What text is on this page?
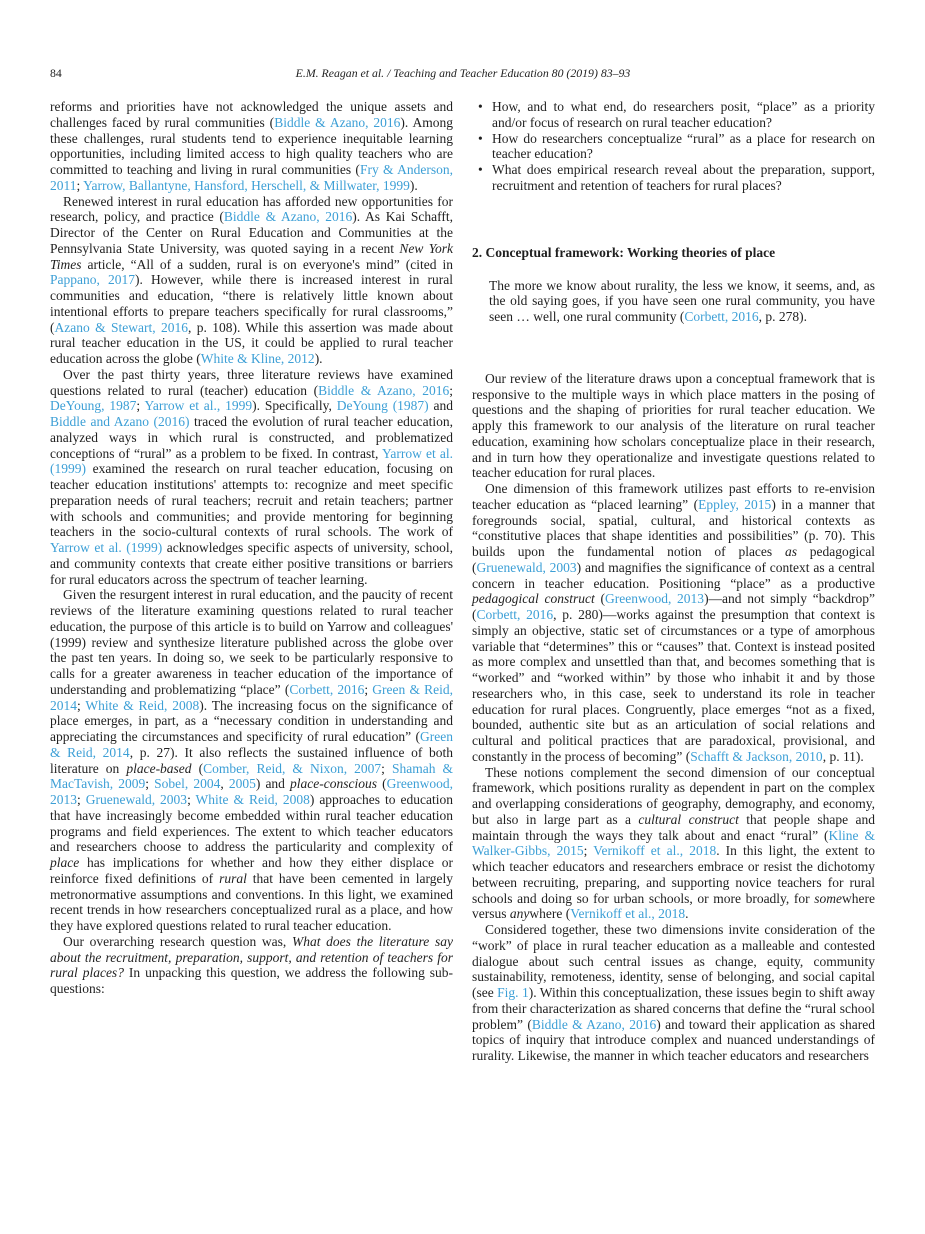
84	E.M. Reagan et al. / Teaching and Teacher Education 80 (2019) 83–93

reforms and priorities have not acknowledged the unique assets and challenges faced by rural communities (Biddle & Azano, 2016). Among these challenges, rural students tend to experience inequitable learning opportunities, including limited access to high quality teachers who are committed to teaching and living in rural communities (Fry & Anderson, 2011; Yarrow, Ballantyne, Hansford, Herschell, & Millwater, 1999).

Renewed interest in rural education has afforded new opportunities for research, policy, and practice (Biddle & Azano, 2016). As Kai Schafft, Director of the Center on Rural Education and Communities at the Pennsylvania State University, was quoted saying in a recent New York Times article, “All of a sudden, rural is on everyone's mind” (cited in Pappano, 2017). However, while there is increased interest in rural communities and education, “there is relatively little known about intentional efforts to prepare teachers specifically for rural classrooms,” (Azano & Stewart, 2016, p. 108). While this assertion was made about rural teacher education in the US, it could be applied to rural teacher education across the globe (White & Kline, 2012).

Over the past thirty years, three literature reviews have examined questions related to rural (teacher) education (Biddle & Azano, 2016; DeYoung, 1987; Yarrow et al., 1999). Specifically, DeYoung (1987) and Biddle and Azano (2016) traced the evolution of rural teacher education, analyzed ways in which rural is constructed, and problematized conceptions of “rural” as a problem to be fixed. In contrast, Yarrow et al. (1999) examined the research on rural teacher education, focusing on teacher education institutions' attempts to: recognize and meet specific preparation needs of rural teachers; recruit and retain teachers; partner with schools and communities; and provide mentoring for beginning teachers in the socio-cultural contexts of rural schools. The work of Yarrow et al. (1999) acknowledges specific aspects of university, school, and community contexts that create either positive transitions or barriers for rural educators across the spectrum of teacher learning.

Given the resurgent interest in rural education, and the paucity of recent reviews of the literature examining questions related to rural teacher education, the purpose of this article is to build on Yarrow and colleagues' (1999) review and synthesize literature published across the globe over the past ten years. In doing so, we seek to be particularly responsive to calls for a greater awareness in teacher education of the importance of understanding and problematizing “place” (Corbett, 2016; Green & Reid, 2014; White & Reid, 2008). The increasing focus on the significance of place emerges, in part, as a “necessary condition in understanding and appreciating the circumstances and specificity of rural education” (Green & Reid, 2014, p. 27). It also reflects the sustained influence of both literature on place-based (Comber, Reid, & Nixon, 2007; Shamah & MacTavish, 2009; Sobel, 2004, 2005) and place-conscious (Greenwood, 2013; Gruenewald, 2003; White & Reid, 2008) approaches to education that have increasingly become embedded within rural teacher education programs and field experiences. The extent to which teacher educators and researchers choose to address the particularity and complexity of place has implications for whether and how they either displace or reinforce fixed definitions of rural that have been cemented in largely metronormative assumptions and conventions. In this light, we examined recent trends in how researchers conceptualized rural as a place, and how they have explored questions related to rural teacher education.

Our overarching research question was, What does the literature say about the recruitment, preparation, support, and retention of teachers for rural places? In unpacking this question, we address the following sub-questions:

• How, and to what end, do researchers posit, “place” as a priority and/or focus of research on rural teacher education?
• How do researchers conceptualize “rural” as a place for research on teacher education?
• What does empirical research reveal about the preparation, support, recruitment and retention of teachers for rural places?
2. Conceptual framework: Working theories of place
The more we know about rurality, the less we know, it seems, and, as the old saying goes, if you have seen one rural community, you have seen … well, one rural community (Corbett, 2016, p. 278).

Our review of the literature draws upon a conceptual framework that is responsive to the multiple ways in which place matters in the posing of questions and the shaping of priorities for rural teacher education. We apply this framework to our analysis of the literature on rural teacher education, examining how scholars conceptualize place in their research, and in turn how they operationalize and investigate questions related to teacher education for rural places.

One dimension of this framework utilizes past efforts to re-envision teacher education as “placed learning” (Eppley, 2015) in a manner that foregrounds social, spatial, cultural, and historical contexts as “constitutive places that shape identities and possibilities” (p. 70). This builds upon the fundamental notion of places as pedagogical (Gruenewald, 2003) and magnifies the significance of context as a central concern in teacher education. Positioning “place” as a productive pedagogical construct (Greenwood, 2013)—and not simply “backdrop” (Corbett, 2016, p. 280)—works against the presumption that context is simply an objective, static set of circumstances or a type of amorphous variable that “determines” this or “causes” that. Context is instead posited as more complex and unsettled than that, and becomes something that is “worked” and “worked within” by those who inhabit it and by those researchers who, in this case, seek to understand its role in teacher education for rural places. Congruently, place emerges “not as a fixed, bounded, authentic site but as an articulation of social relations and cultural and political practices that are paradoxical, provisional, and constantly in the process of becoming” (Schafft & Jackson, 2010, p. 11).

These notions complement the second dimension of our conceptual framework, which positions rurality as dependent in part on the complex and overlapping considerations of geography, demography, and economy, but also in large part as a cultural construct that people shape and maintain through the ways they talk about and enact “rural” (Kline & Walker-Gibbs, 2015; Vernikoff et al., 2018. In this light, the extent to which teacher educators and researchers embrace or resist the dichotomy between recruiting, preparing, and supporting novice teachers for rural schools and doing so for urban schools, or more broadly, for somewhere versus anywhere (Vernikoff et al., 2018.

Considered together, these two dimensions invite consideration of the “work” of place in rural teacher education as a malleable and contested dialogue about such central issues as change, equity, community sustainability, remoteness, identity, sense of belonging, and social capital (see Fig. 1). Within this conceptualization, these issues begin to shift away from their characterization as shared concerns that define the “rural school problem” (Biddle & Azano, 2016) and toward their application as shared topics of inquiry that introduce complex and nuanced understandings of rurality. Likewise, the manner in which teacher educators and researchers
